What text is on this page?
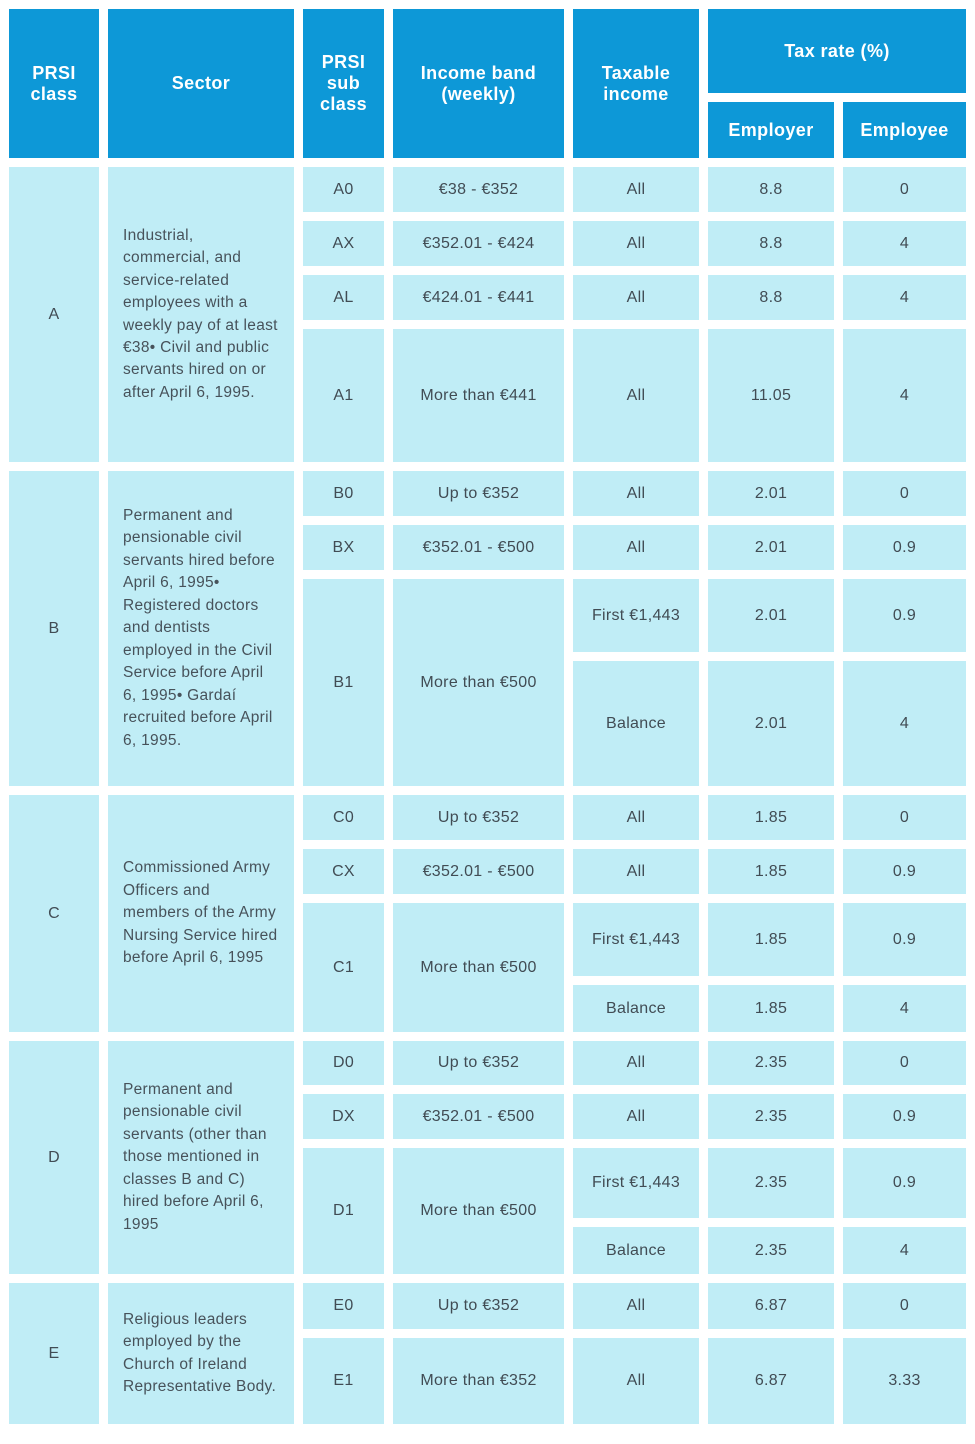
PRSI class	Sector	PRSI sub class	Income band (weekly)	Taxable income	Tax rate (%)	
					Employer	Employee
A	Industrial, commercial, and service-related employees with a weekly pay of at least €38• Civil and public servants hired on or after April 6, 1995.	A0	€38 - €352	All	8.8	0
		AX	€352.01 - €424	All	8.8	4
		AL	€424.01 - €441	All	8.8	4
		A1	More than €441	All	11.05	4
B	Permanent and pensionable civil servants hired before April 6, 1995• Registered doctors and dentists employed in the Civil Service before April 6, 1995• Gardaí recruited before April 6, 1995.	B0	Up to €352	All	2.01	0
		BX	€352.01 - €500	All	2.01	0.9
		B1	More than €500	First €1,443	2.01	0.9
				Balance	2.01	4
C	Commissioned Army Officers and members of the Army Nursing Service hired before April 6, 1995	C0	Up to €352	All	1.85	0
		CX	€352.01 - €500	All	1.85	0.9
		C1	More than €500	First €1,443	1.85	0.9
				Balance	1.85	4
D	Permanent and pensionable civil servants (other than those mentioned in classes B and C) hired before April 6, 1995	D0	Up to €352	All	2.35	0
		DX	€352.01 - €500	All	2.35	0.9
		D1	More than €500	First €1,443	2.35	0.9
				Balance	2.35	4
E	Religious leaders employed by the Church of Ireland Representative Body.	E0	Up to €352	All	6.87	0
		E1	More than €352	All	6.87	3.33
